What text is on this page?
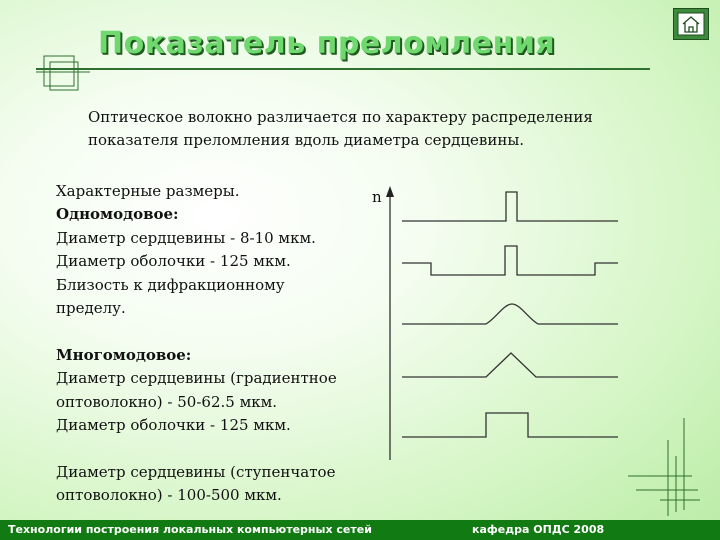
Показатель преломления
Оптическое волокно различается по характеру распределения показателя преломления вдоль диаметра сердцевины.
Характерные размеры.
Одномодовое:
Диаметр сердцевины - 8-10 мкм.
Диаметр оболочки - 125 мкм.
Близость к дифракционному
пределу.
Многомодовое:
Диаметр сердцевины (градиентное
оптоволокно) - 50-62.5 мкм.
Диаметр оболочки - 125 мкм.
Диаметр сердцевины (ступенчатое
оптоволокно) - 100-500 мкм.
n
Технологии построения локальных компьютерных сетей	кафедра ОПДС 2008
